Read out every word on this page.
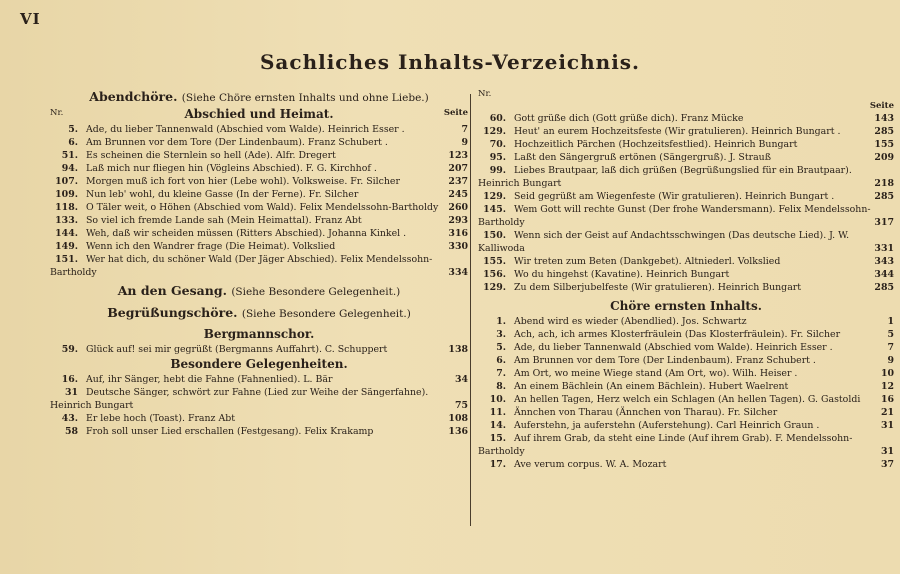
VI
Sachliches Inhalts-Verzeichnis.
Abendchöre. (Siehe Chöre ernsten Inhalts und ohne Liebe.)
Nr.	Seite
Abschied und Heimat.
5. Ade, du lieber Tannenwald (Abschied vom Walde). Heinrich Esser .	7
6. Am Brunnen vor dem Tore (Der Lindenbaum). Franz Schubert .	9
51. Es scheinen die Sternlein so hell (Ade). Alfr. Dregert	123
94. Laß mich nur fliegen hin (Vögleins Abschied). F. G. Kirchhof .	207
107. Morgen muß ich fort von hier (Lebe wohl). Volksweise. Fr. Silcher	237
109. Nun leb' wohl, du kleine Gasse (In der Ferne). Fr. Silcher	245
118. O Täler weit, o Höhen (Abschied vom Wald). Felix Mendelssohn-Bartholdy	260
133. So viel ich fremde Lande sah (Mein Heimattal). Franz Abt	293
144. Weh, daß wir scheiden müssen (Ritters Abschied). Johanna Kinkel .	316
149. Wenn ich den Wandrer frage (Die Heimat). Volkslied	330
151. Wer hat dich, du schöner Wald (Der Jäger Abschied). Felix Mendelssohn-Bartholdy	334
An den Gesang. (Siehe Besondere Gelegenheit.)
Begrüßungschöre. (Siehe Besondere Gelegenheit.)
Bergmannschor.
59. Glück auf! sei mir gegrüßt (Bergmanns Auffahrt). C. Schuppert	138
Besondere Gelegenheiten.
16. Auf, ihr Sänger, hebt die Fahne (Fahnenlied). L. Bär	34
31 Deutsche Sänger, schwört zur Fahne (Lied zur Weihe der Sängerfahne). Heinrich Bungart	75
43. Er lebe hoch (Toast). Franz Abt	108
58 Froh soll unser Lied erschallen (Festgesang). Felix Krakamp	136
Nr.
Seite
60. Gott grüße dich (Gott grüße dich). Franz Mücke	143
129. Heut' an eurem Hochzeitsfeste (Wir gratulieren). Heinrich Bungart .	285
70. Hochzeitlich Pärchen (Hochzeitsfestlied). Heinrich Bungart	155
95. Laßt den Sängergruß ertönen (Sängergruß). J. Strauß	209
99. Liebes Brautpaar, laß dich grüßen (Begrüßungslied für ein Brautpaar). Heinrich Bungart	218
129. Seid gegrüßt am Wiegenfeste (Wir gratulieren). Heinrich Bungart .	285
145. Wem Gott will rechte Gunst (Der frohe Wandersmann). Felix Mendelssohn-Bartholdy	317
150. Wenn sich der Geist auf Andachtsschwingen (Das deutsche Lied). J. W. Kalliwoda	331
155. Wir treten zum Beten (Dankgebet). Altniederl. Volkslied	343
156. Wo du hingehst (Kavatine). Heinrich Bungart	344
129. Zu dem Silberjubelfeste (Wir gratulieren). Heinrich Bungart	285
Chöre ernsten Inhalts.
1. Abend wird es wieder (Abendlied). Jos. Schwartz	1
3. Ach, ach, ich armes Klosterfräulein (Das Klosterfräulein). Fr. Silcher	5
5. Ade, du lieber Tannenwald (Abschied vom Walde). Heinrich Esser .	7
6. Am Brunnen vor dem Tore (Der Lindenbaum). Franz Schubert .	9
7. Am Ort, wo meine Wiege stand (Am Ort, wo). Wilh. Heiser .	10
8. An einem Bächlein (An einem Bächlein). Hubert Waelrent	12
10. An hellen Tagen, Herz welch ein Schlagen (An hellen Tagen). G. Gastoldi	16
11. Ännchen von Tharau (Ännchen von Tharau). Fr. Silcher	21
14. Auferstehn, ja auferstehn (Auferstehung). Carl Heinrich Graun .	31
15. Auf ihrem Grab, da steht eine Linde (Auf ihrem Grab). F. Mendelssohn-Bartholdy	31
17. Ave verum corpus. W. A. Mozart	37
